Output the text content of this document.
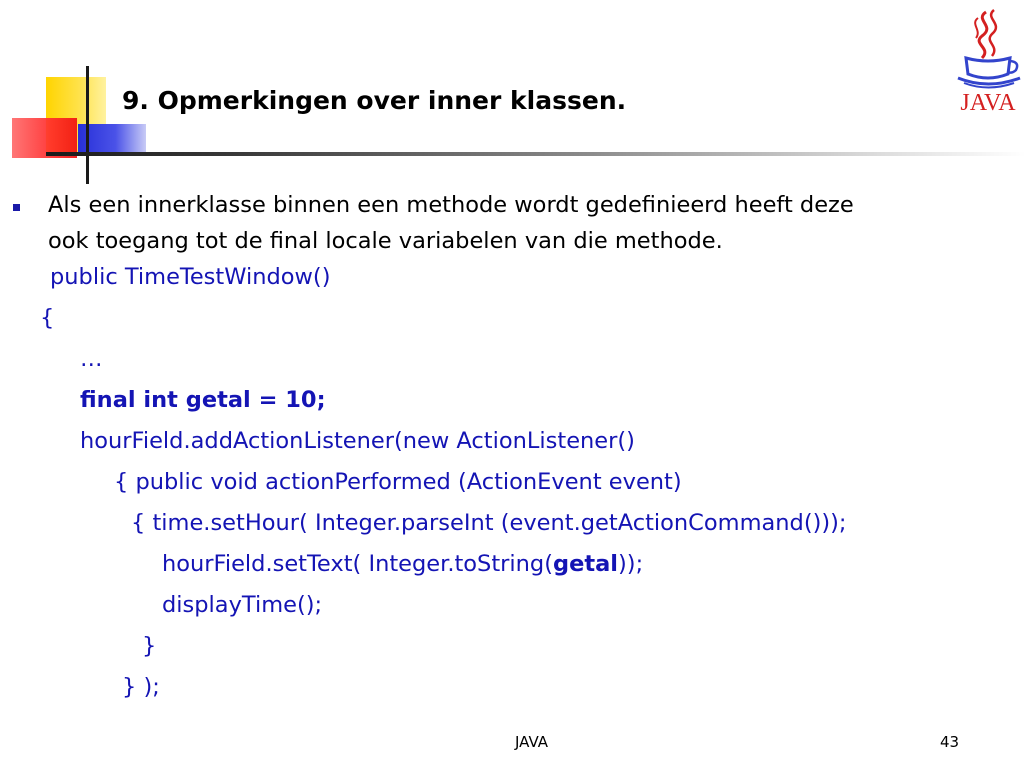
9. Opmerkingen over inner klassen.	JAVA
Als een innerklasse binnen een methode wordt gedefinieerd heeft deze
ook toegang tot de final locale variabelen van die methode.
public TimeTestWindow()
{
…
final int getal = 10;
hourField.addActionListener(new ActionListener()
{ public void actionPerformed (ActionEvent event)
{ time.setHour( Integer.parseInt (event.getActionCommand()));
hourField.setText( Integer.toString(getal));
displayTime();
}
} );
JAVA	43
